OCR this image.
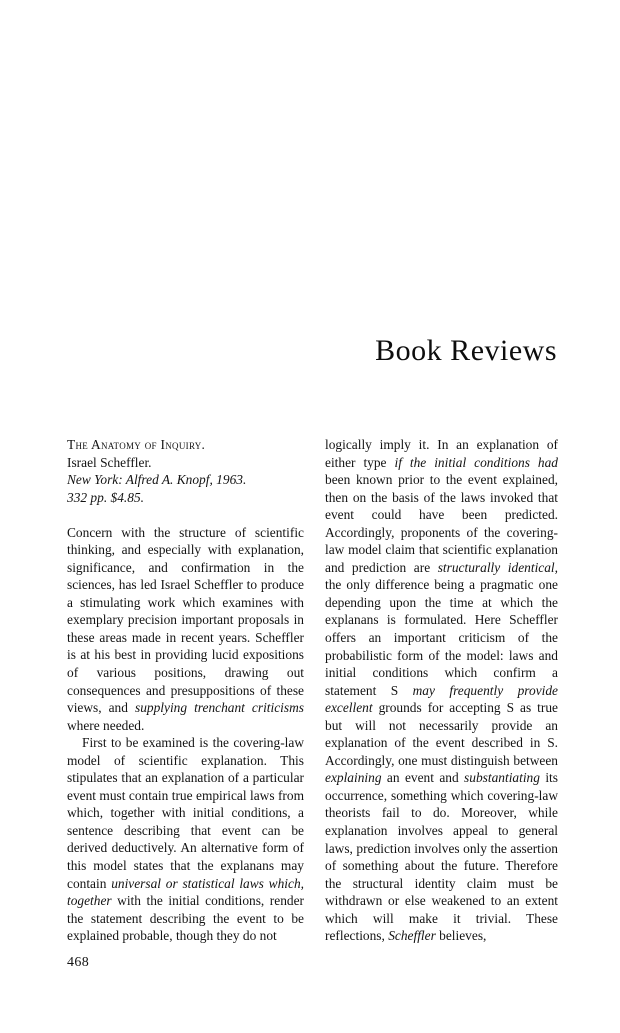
Book Reviews
The Anatomy of Inquiry.
Israel Scheffler.
New York: Alfred A. Knopf, 1963.
332 pp. $4.85.

Concern with the structure of scientific thinking, and especially with explanation, significance, and confirmation in the sciences, has led Israel Scheffler to produce a stimulating work which examines with exemplary precision important proposals in these areas made in recent years. Scheffler is at his best in providing lucid expositions of various positions, drawing out consequences and presuppositions of these views, and supplying trenchant criticisms where needed.

First to be examined is the covering-law model of scientific explanation. This stipulates that an explanation of a particular event must contain true empirical laws from which, together with initial conditions, a sentence describing that event can be derived deductively. An alternative form of this model states that the explanans may contain universal or statistical laws which, together with the initial conditions, render the statement describing the event to be explained probable, though they do not

logically imply it. In an explanation of either type if the initial conditions had been known prior to the event explained, then on the basis of the laws invoked that event could have been predicted. Accordingly, proponents of the covering-law model claim that scientific explanation and prediction are structurally identical, the only difference being a pragmatic one depending upon the time at which the explanans is formulated. Here Scheffler offers an important criticism of the probabilistic form of the model: laws and initial conditions which confirm a statement S may frequently provide excellent grounds for accepting S as true but will not necessarily provide an explanation of the event described in S. Accordingly, one must distinguish between explaining an event and substantiating its occurrence, something which covering-law theorists fail to do. Moreover, while explanation involves appeal to general laws, prediction involves only the assertion of something about the future. Therefore the structural identity claim must be withdrawn or else weakened to an extent which will make it trivial. These reflections, Scheffler believes,

468
